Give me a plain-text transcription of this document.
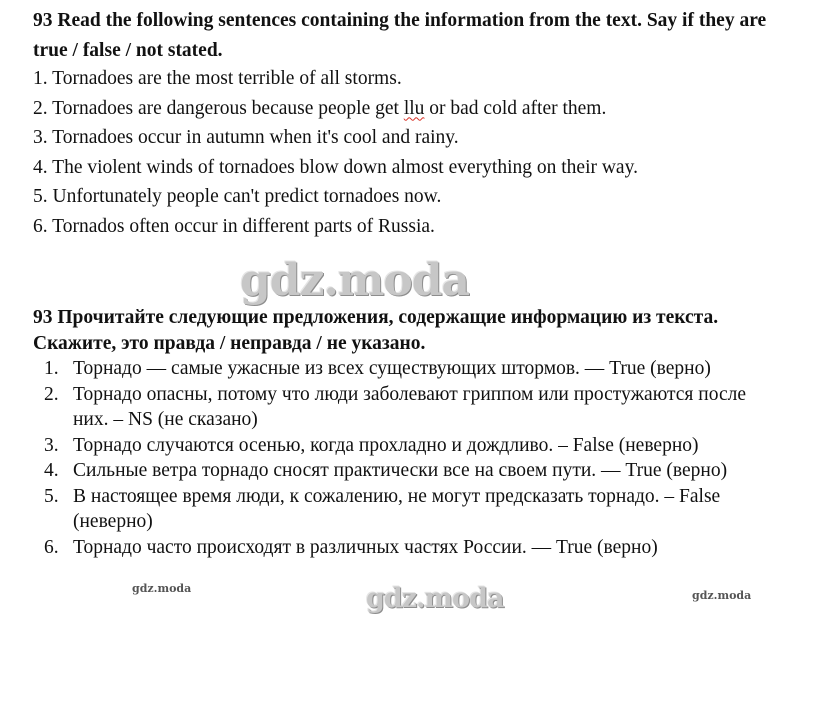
93 Read the following sentences containing the information from the text. Say if they are true / false / not stated.

1. Tornadoes are the most terrible of all storms.
2. Tornadoes are dangerous because people get llu or bad cold after them.
3. Tornadoes occur in autumn when it's cool and rainy.
4. The violent winds of tornadoes blow down almost everything on their way.
5. Unfortunately people can't predict tornadoes now.
6. Tornados often occur in different parts of Russia.
gdz.moda

93 Прочитайте следующие предложения, содержащие информацию из текста. Скажите, это правда / неправда / не указано.

1. Торнадо — самые ужасные из всех существующих штормов. — True (верно)
2. Торнадо опасны, потому что люди заболевают гриппом или простужаются после них. – NS (не сказано)
3. Торнадо случаются осенью, когда прохладно и дождливо. – False (неверно)
4. Сильные ветра торнадо сносят практически все на своем пути. — True (верно)
5. В настоящее время люди, к сожалению, не могут предсказать торнадо. – False (неверно)
6. Торнадо часто происходят в различных частях России. — True (верно)
gdz.moda	gdz.moda	gdz.moda
